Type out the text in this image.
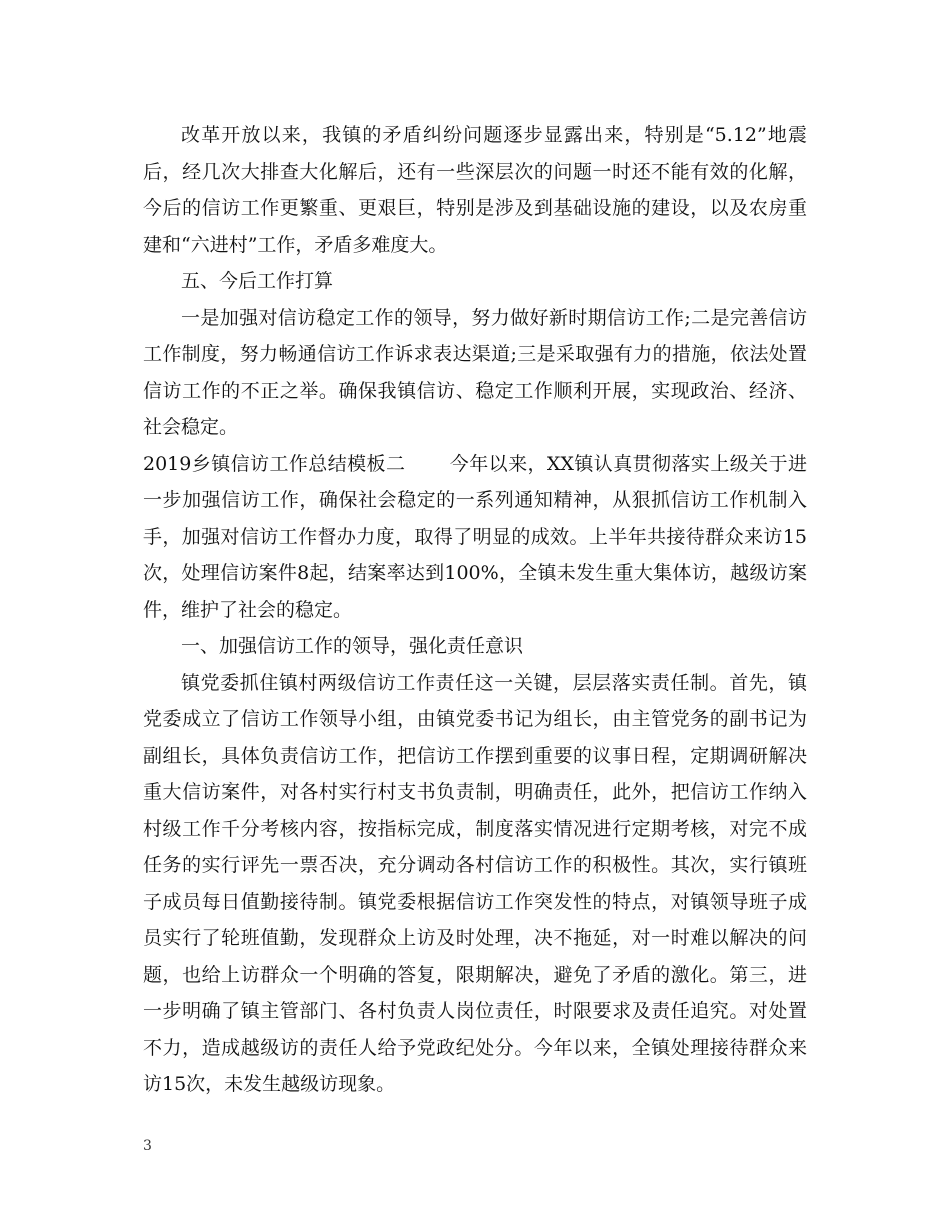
改革开放以来，我镇的矛盾纠纷问题逐步显露出来，特别是“5.12”地震后，经几次大排查大化解后，还有一些深层次的问题一时还不能有效的化解，今后的信访工作更繁重、更艰巨，特别是涉及到基础设施的建设，以及农房重建和“六进村”工作，矛盾多难度大。

五、今后工作打算

一是加强对信访稳定工作的领导，努力做好新时期信访工作;二是完善信访工作制度，努力畅通信访工作诉求表达渠道;三是采取强有力的措施，依法处置信访工作的不正之举。确保我镇信访、稳定工作顺利开展，实现政治、经济、社会稳定。

2019乡镇信访工作总结模板二 今年以来，XX镇认真贯彻落实上级关于进一步加强信访工作，确保社会稳定的一系列通知精神，从狠抓信访工作机制入手，加强对信访工作督办力度，取得了明显的成效。上半年共接待群众来访15次，处理信访案件8起，结案率达到100%，全镇未发生重大集体访，越级访案件，维护了社会的稳定。

一、加强信访工作的领导，强化责任意识

镇党委抓住镇村两级信访工作责任这一关键，层层落实责任制。首先，镇党委成立了信访工作领导小组，由镇党委书记为组长，由主管党务的副书记为副组长，具体负责信访工作，把信访工作摆到重要的议事日程，定期调研解决重大信访案件，对各村实行村支书负责制，明确责任，此外，把信访工作纳入村级工作千分考核内容，按指标完成，制度落实情况进行定期考核，对完不成任务的实行评先一票否决，充分调动各村信访工作的积极性。其次，实行镇班子成员每日值勤接待制。镇党委根据信访工作突发性的特点，对镇领导班子成员实行了轮班值勤，发现群众上访及时处理，决不拖延，对一时难以解决的问题，也给上访群众一个明确的答复，限期解决，避免了矛盾的激化。第三，进一步明确了镇主管部门、各村负责人岗位责任，时限要求及责任追究。对处置不力，造成越级访的责任人给予党政纪处分。今年以来，全镇处理接待群众来访15次，未发生越级访现象。

3
